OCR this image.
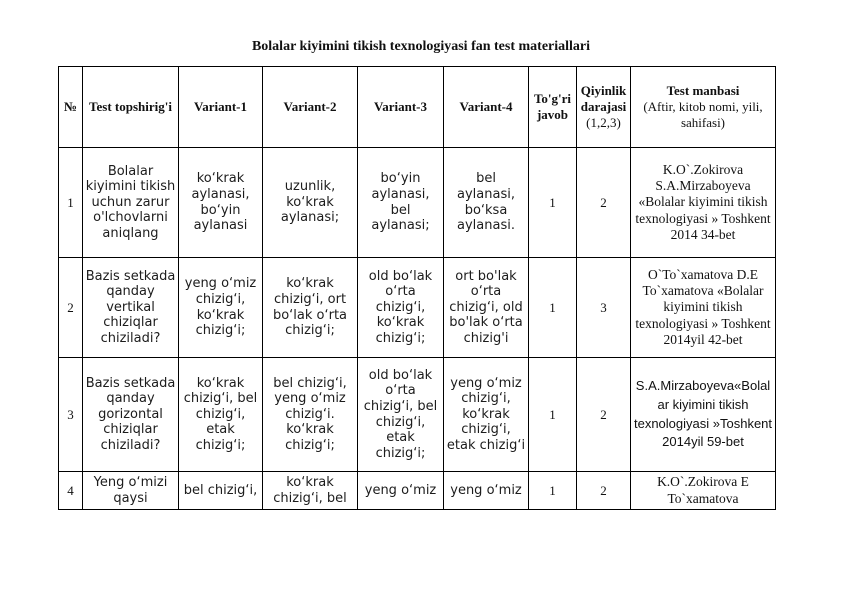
Bolalar kiyimini tikish texnologiyasi fan test materiallari
№	Test topshirig'i	Variant-1	Variant-2	Variant-3	Variant-4	To'g'ri javob	Qiyinlik darajasi (1,2,3)	Test manbasi
(Aftir, kitob nomi, yili, sahifasi)
1	Bolalar kiyimini tikish uchun zarur o'lchovlarni aniqlang	ko‘krak aylanasi, bo‘yin aylanasi	uzunlik, ko‘krak aylanasi;	bo‘yin aylanasi, bel aylanasi;	bel aylanasi, bo‘ksa aylanasi.	1	2	K.O`.Zokirova S.A.Mirzaboyeva «Bolalar kiyimini tikish texnologiyasi » Toshkent 2014 34-bet
2	Bazis setkada qanday vertikal chiziqlar chiziladi?	yeng o‘miz chizig‘i, ko‘krak chizig‘i;	ko‘krak chizig‘i, ort bo‘lak o‘rta chizig‘i;	old bo‘lak o‘rta chizig‘i, ko‘krak chizig‘i;	ort bo'lak o‘rta chizig‘i, old bo'lak o‘rta chizig'i	1	3	O`To`xamatova D.E To`xamatova «Bolalar kiyimini tikish texnologiyasi » Toshkent 2014yil 42-bet
3	Bazis setkada qanday gorizontal chiziqlar chiziladi?	ko‘krak chizig‘i, bel chizig‘i, etak chizig‘i;	bel chizig‘i, yeng o‘miz chizig‘i. ko‘krak chizig‘i;	old bo‘lak o‘rta chizig‘i, bel chizig‘i, etak chizig‘i;	yeng o‘miz chizig‘i, ko‘krak chizig‘i, etak chizig‘i	1	2	S.A.Mirzaboyeva«Bolalar kiyimini tikish texnologiyasi »Toshkent 2014yil 59-bet
4	Yeng o‘mizi qaysi	bel chizig‘i,	ko‘krak chizig‘i, bel	yeng o‘miz	yeng o‘miz	1	2	K.O`.Zokirova E To`xamatova
